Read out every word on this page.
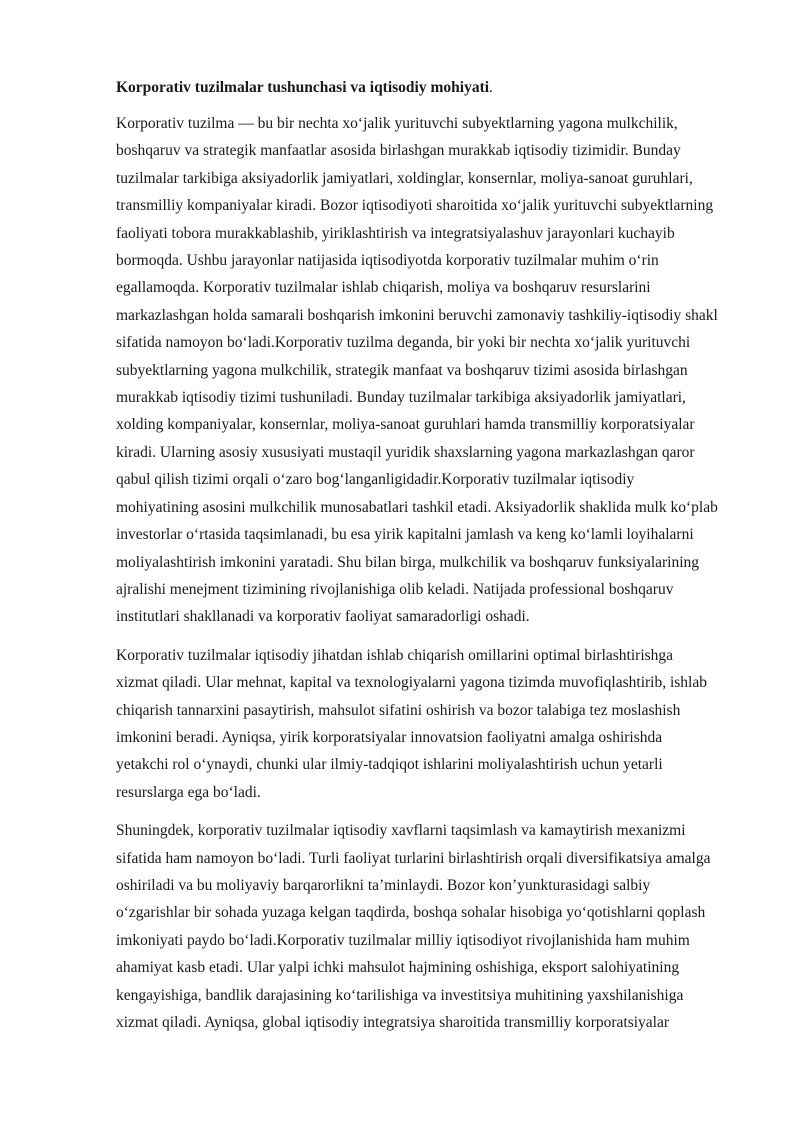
Korporativ tuzilmalar tushunchasi va iqtisodiy mohiyati.

Korporativ tuzilma — bu bir nechta xo‘jalik yurituvchi subyektlarning yagona mulkchilik, boshqaruv va strategik manfaatlar asosida birlashgan murakkab iqtisodiy tizimidir. Bunday tuzilmalar tarkibiga aksiyadorlik jamiyatlari, xoldinglar, konsernlar, moliya-sanoat guruhlari, transmilliy kompaniyalar kiradi. Bozor iqtisodiyoti sharoitida xo‘jalik yurituvchi subyektlarning faoliyati tobora murakkablashib, yiriklashtirish va integratsiyalashuv jarayonlari kuchayib bormoqda. Ushbu jarayonlar natijasida iqtisodiyotda korporativ tuzilmalar muhim o‘rin egallamoqda. Korporativ tuzilmalar ishlab chiqarish, moliya va boshqaruv resurslarini markazlashgan holda samarali boshqarish imkonini beruvchi zamonaviy tashkiliy-iqtisodiy shakl sifatida namoyon bo‘ladi.Korporativ tuzilma deganda, bir yoki bir nechta xo‘jalik yurituvchi subyektlarning yagona mulkchilik, strategik manfaat va boshqaruv tizimi asosida birlashgan murakkab iqtisodiy tizimi tushuniladi. Bunday tuzilmalar tarkibiga aksiyadorlik jamiyatlari, xolding kompaniyalar, konsernlar, moliya-sanoat guruhlari hamda transmilliy korporatsiyalar kiradi. Ularning asosiy xususiyati mustaqil yuridik shaxslarning yagona markazlashgan qaror qabul qilish tizimi orqali o‘zaro bog‘langanligidadir.Korporativ tuzilmalar iqtisodiy mohiyatining asosini mulkchilik munosabatlari tashkil etadi. Aksiyadorlik shaklida mulk ko‘plab investorlar o‘rtasida taqsimlanadi, bu esa yirik kapitalni jamlash va keng ko‘lamli loyihalarni moliyalashtirish imkonini yaratadi. Shu bilan birga, mulkchilik va boshqaruv funksiyalarining ajralishi menejment tizimining rivojlanishiga olib keladi. Natijada professional boshqaruv institutlari shakllanadi va korporativ faoliyat samaradorligi oshadi.

Korporativ tuzilmalar iqtisodiy jihatdan ishlab chiqarish omillarini optimal birlashtirishga xizmat qiladi. Ular mehnat, kapital va texnologiyalarni yagona tizimda muvofiqlashtirib, ishlab chiqarish tannarxini pasaytirish, mahsulot sifatini oshirish va bozor talabiga tez moslashish imkonini beradi. Ayniqsa, yirik korporatsiyalar innovatsion faoliyatni amalga oshirishda yetakchi rol o‘ynaydi, chunki ular ilmiy-tadqiqot ishlarini moliyalashtirish uchun yetarli resurslarga ega bo‘ladi.

Shuningdek, korporativ tuzilmalar iqtisodiy xavflarni taqsimlash va kamaytirish mexanizmi sifatida ham namoyon bo‘ladi. Turli faoliyat turlarini birlashtirish orqali diversifikatsiya amalga oshiriladi va bu moliyaviy barqarorlikni ta’minlaydi. Bozor kon’yunkturasidagi salbiy o‘zgarishlar bir sohada yuzaga kelgan taqdirda, boshqa sohalar hisobiga yo‘qotishlarni qoplash imkoniyati paydo bo‘ladi.Korporativ tuzilmalar milliy iqtisodiyot rivojlanishida ham muhim ahamiyat kasb etadi. Ular yalpi ichki mahsulot hajmining oshishiga, eksport salohiyatining kengayishiga, bandlik darajasining ko‘tarilishiga va investitsiya muhitining yaxshilanishiga xizmat qiladi. Ayniqsa, global iqtisodiy integratsiya sharoitida transmilliy korporatsiyalar
